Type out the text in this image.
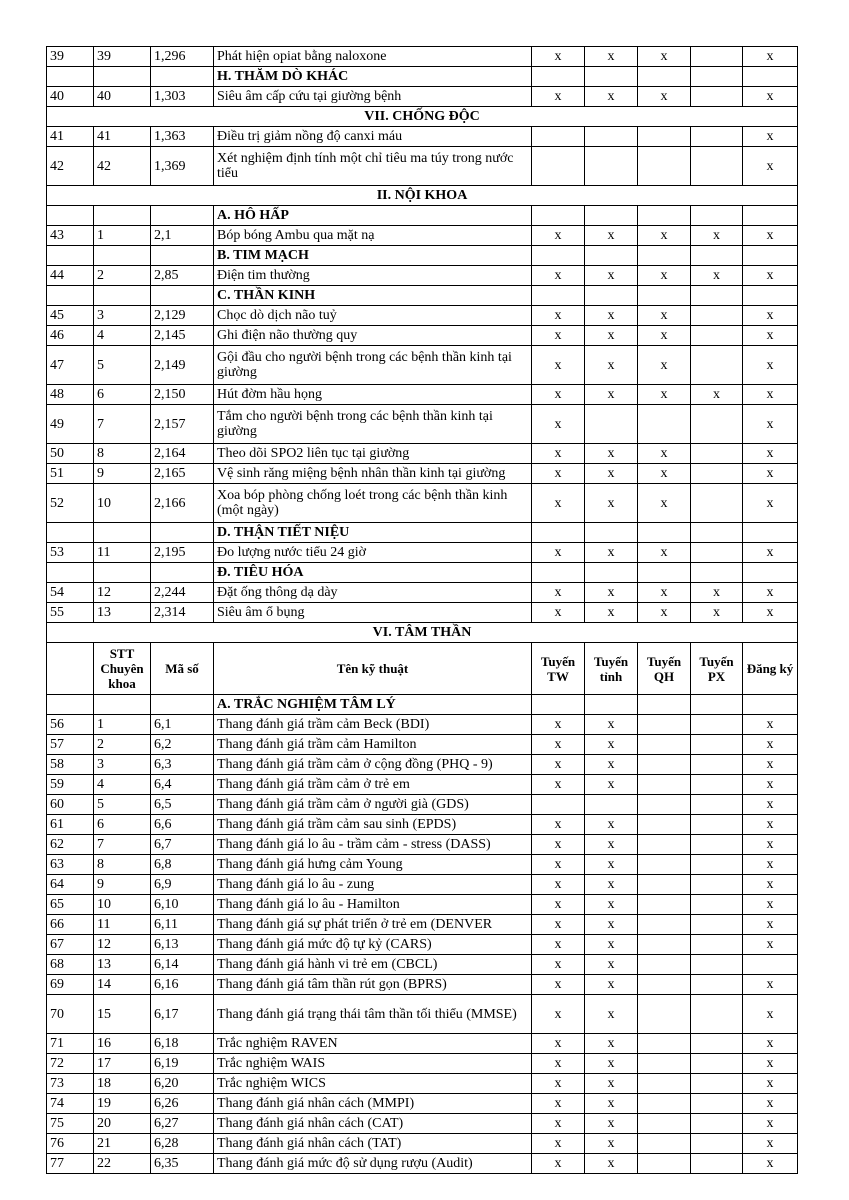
39	39	1,296	Phát hiện opiat bằng naloxone	x	x	x		x
			H. THĂM DÒ KHÁC					
40	40	1,303	Siêu âm cấp cứu tại giường bệnh	x	x	x		x
VII. CHỐNG ĐỘC								
41	41	1,363	Điều trị giảm nồng độ canxi máu					x
42	42	1,369	Xét nghiệm định tính một chỉ tiêu ma túy trong nước tiểu					x
II. NỘI KHOA								
			A. HÔ HẤP					
43	1	2,1	Bóp bóng Ambu qua mặt nạ	x	x	x	x	x
			B. TIM MẠCH					
44	2	2,85	Điện tim thường	x	x	x	x	x
			C. THẦN KINH					
45	3	2,129	Chọc dò dịch não tuỷ	x	x	x		x
46	4	2,145	Ghi điện não thường quy	x	x	x		x
47	5	2,149	Gội đầu cho người bệnh trong các bệnh thần kinh tại giường	x	x	x		x
48	6	2,150	Hút đờm hầu họng	x	x	x	x	x
49	7	2,157	Tắm cho người bệnh trong các bệnh thần kinh tại giường	x				x
50	8	2,164	Theo dõi SPO2 liên tục tại giường	x	x	x		x
51	9	2,165	Vệ sinh răng miệng bệnh nhân thần kinh tại giường	x	x	x		x
52	10	2,166	Xoa bóp phòng chống loét trong các bệnh thần kinh (một ngày)	x	x	x		x
			D. THẬN TIẾT NIỆU					
53	11	2,195	Đo lượng nước tiểu 24 giờ	x	x	x		x
			Đ. TIÊU HÓA					
54	12	2,244	Đặt ống thông dạ dày	x	x	x	x	x
55	13	2,314	Siêu âm ổ bụng	x	x	x	x	x
VI. TÂM THẦN								
	STT Chuyên khoa	Mã số	Tên kỹ thuật	Tuyến TW	Tuyến tỉnh	Tuyến QH	Tuyến PX	Đăng ký
			A. TRẮC NGHIỆM TÂM LÝ					
56	1	6,1	Thang đánh giá trầm cảm Beck (BDI)	x	x			x
57	2	6,2	Thang đánh giá trầm cảm Hamilton	x	x			x
58	3	6,3	Thang đánh giá trầm cảm ở cộng đồng (PHQ - 9)	x	x			x
59	4	6,4	Thang đánh giá trầm cảm ở trẻ em	x	x			x
60	5	6,5	Thang đánh giá trầm cảm ở người già (GDS)					x
61	6	6,6	Thang đánh giá trầm cảm sau sinh (EPDS)	x	x			x
62	7	6,7	Thang đánh giá lo âu - trầm cảm - stress (DASS)	x	x			x
63	8	6,8	Thang đánh giá hưng cảm Young	x	x			x
64	9	6,9	Thang đánh giá lo âu - zung	x	x			x
65	10	6,10	Thang đánh giá lo âu - Hamilton	x	x			x
66	11	6,11	Thang đánh giá sự phát triển ở trẻ em (DENVER	x	x			x
67	12	6,13	Thang đánh giá mức độ tự kỷ (CARS)	x	x			x
68	13	6,14	Thang đánh giá hành vi trẻ em (CBCL)	x	x			
69	14	6,16	Thang đánh giá tâm thần rút gọn (BPRS)	x	x			x
70	15	6,17	Thang đánh giá trạng thái tâm thần tối thiểu (MMSE)	x	x			x
71	16	6,18	Trắc nghiệm RAVEN	x	x			x
72	17	6,19	Trắc nghiệm WAIS	x	x			x
73	18	6,20	Trắc nghiệm WICS	x	x			x
74	19	6,26	Thang đánh giá nhân cách (MMPI)	x	x			x
75	20	6,27	Thang đánh giá nhân cách (CAT)	x	x			x
76	21	6,28	Thang đánh giá nhân cách (TAT)	x	x			x
77	22	6,35	Thang đánh giá mức độ sử dụng rượu (Audit)	x	x			x
